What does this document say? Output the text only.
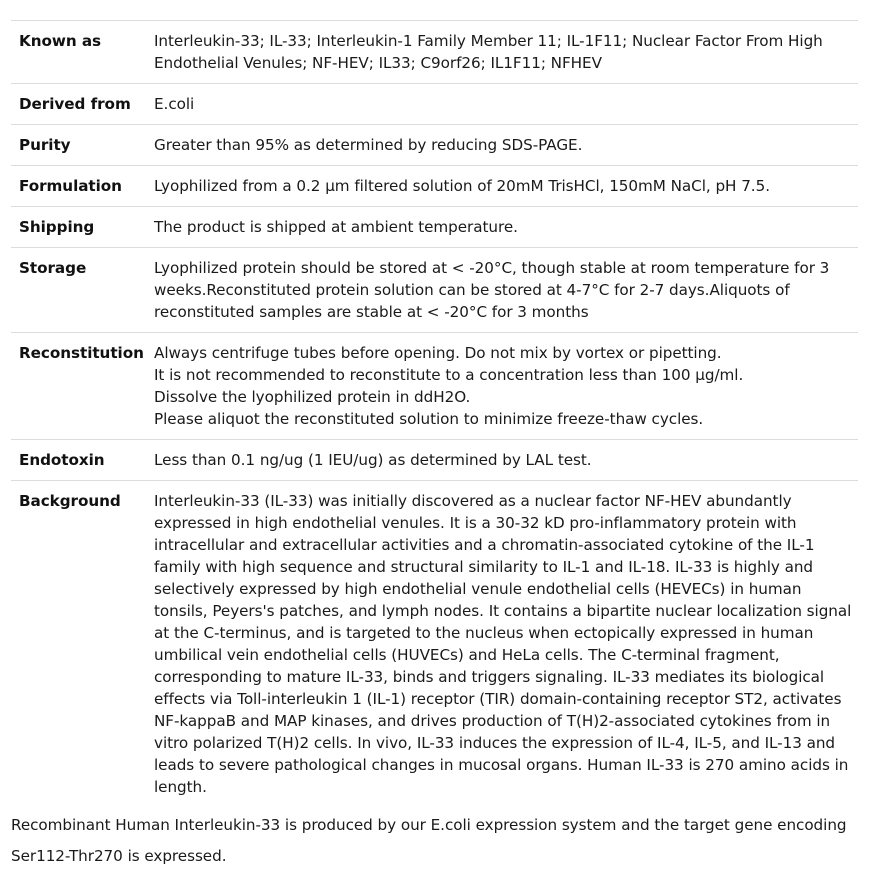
Known as	Interleukin-33; IL-33; Interleukin-1 Family Member 11; IL-1F11; Nuclear Factor From High Endothelial Venules; NF-HEV; IL33; C9orf26; IL1F11; NFHEV

Derived from	E.coli

Purity	Greater than 95% as determined by reducing SDS-PAGE.

Formulation	Lyophilized from a 0.2 μm filtered solution of 20mM TrisHCl, 150mM NaCl, pH 7.5.

Shipping	The product is shipped at ambient temperature.

Storage	Lyophilized protein should be stored at < -20°C, though stable at room temperature for 3 weeks.Reconstituted protein solution can be stored at 4-7°C for 2-7 days.Aliquots of reconstituted samples are stable at < -20°C for 3 months

Reconstitution	Always centrifuge tubes before opening. Do not mix by vortex or pipetting.
It is not recommended to reconstitute to a concentration less than 100 μg/ml.
Dissolve the lyophilized protein in ddH2O.
Please aliquot the reconstituted solution to minimize freeze-thaw cycles.

Endotoxin	Less than 0.1 ng/ug (1 IEU/ug) as determined by LAL test.

Background	Interleukin-33 (IL-33) was initially discovered as a nuclear factor NF-HEV abundantly expressed in high endothelial venules. It is a 30-32 kD pro-inflammatory protein with intracellular and extracellular activities and a chromatin-associated cytokine of the IL-1 family with high sequence and structural similarity to IL-1 and IL-18. IL-33 is highly and selectively expressed by high endothelial venule endothelial cells (HEVECs) in human tonsils, Peyers's patches, and lymph nodes. It contains a bipartite nuclear localization signal at the C-terminus, and is targeted to the nucleus when ectopically expressed in human umbilical vein endothelial cells (HUVECs) and HeLa cells. The C-terminal fragment, corresponding to mature IL-33, binds and triggers signaling. IL-33 mediates its biological effects via Toll-interleukin 1 (IL-1) receptor (TIR) domain-containing receptor ST2, activates NF-kappaB and MAP kinases, and drives production of T(H)2-associated cytokines from in vitro polarized T(H)2 cells. In vivo, IL-33 induces the expression of IL-4, IL-5, and IL-13 and leads to severe pathological changes in mucosal organs. Human IL-33 is 270 amino acids in length.
Recombinant Human Interleukin-33 is produced by our E.coli expression system and the target gene encoding Ser112-Thr270 is expressed.
